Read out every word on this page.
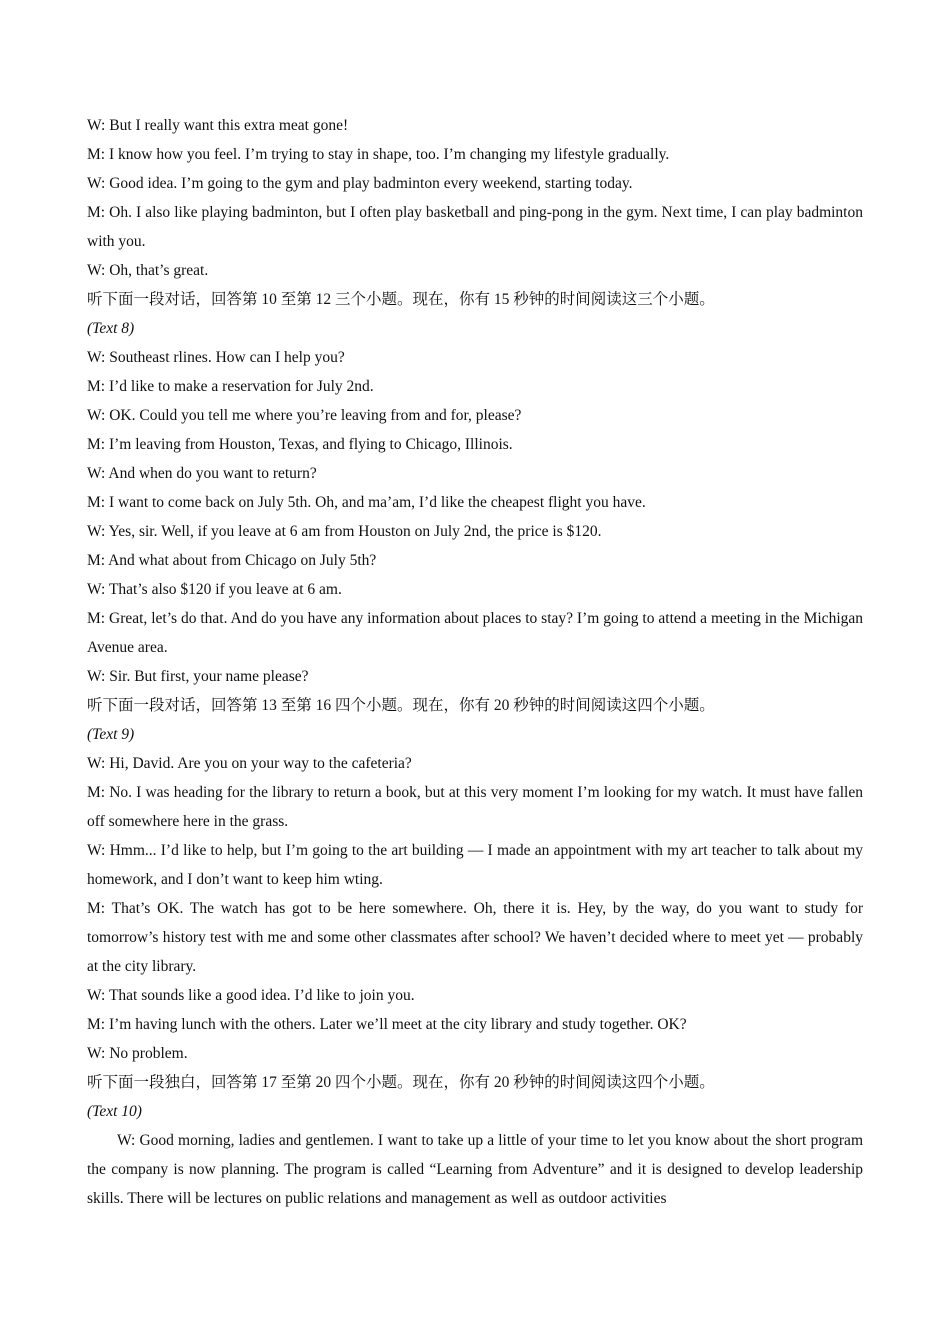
W: But I really want this extra meat gone!

M: I know how you feel. I’m trying to stay in shape, too. I’m changing my lifestyle gradually.

W: Good idea. I’m going to the gym and play badminton every weekend, starting today.

M: Oh. I also like playing badminton, but I often play basketball and ping-pong in the gym. Next time, I can play badminton with you.

W: Oh, that’s great.

听下面一段对话，回答第 10 至第 12 三个小题。现在，你有 15 秒钟的时间阅读这三个小题。

(Text 8)

W: Southeast rlines. How can I help you?

M: I’d like to make a reservation for July 2nd.

W: OK. Could you tell me where you’re leaving from and for, please?

M: I’m leaving from Houston, Texas, and flying to Chicago, Illinois.

W: And when do you want to return?

M: I want to come back on July 5th. Oh, and ma’am, I’d like the cheapest flight you have.

W: Yes, sir. Well, if you leave at 6 am from Houston on July 2nd, the price is $120.

M: And what about from Chicago on July 5th?

W: That’s also $120 if you leave at 6 am.

M: Great, let’s do that. And do you have any information about places to stay? I’m going to attend a meeting in the Michigan Avenue area.

W: Sir. But first, your name please?

听下面一段对话，回答第 13 至第 16 四个小题。现在，你有 20 秒钟的时间阅读这四个小题。

(Text 9)

W: Hi, David. Are you on your way to the cafeteria?

M: No. I was heading for the library to return a book, but at this very moment I’m looking for my watch. It must have fallen off somewhere here in the grass.

W: Hmm... I’d like to help, but I’m going to the art building — I made an appointment with my art teacher to talk about my homework, and I don’t want to keep him wting.

M: That’s OK. The watch has got to be here somewhere. Oh, there it is. Hey, by the way, do you want to study for tomorrow’s history test with me and some other classmates after school? We haven’t decided where to meet yet — probably at the city library.

W: That sounds like a good idea. I’d like to join you.

M: I’m having lunch with the others. Later we’ll meet at the city library and study together. OK?

W: No problem.

听下面一段独白，回答第 17 至第 20 四个小题。现在，你有 20 秒钟的时间阅读这四个小题。

(Text 10)

W: Good morning, ladies and gentlemen. I want to take up a little of your time to let you know about the short program the company is now planning. The program is called “Learning from Adventure” and it is designed to develop leadership skills. There will be lectures on public relations and management as well as outdoor activities
